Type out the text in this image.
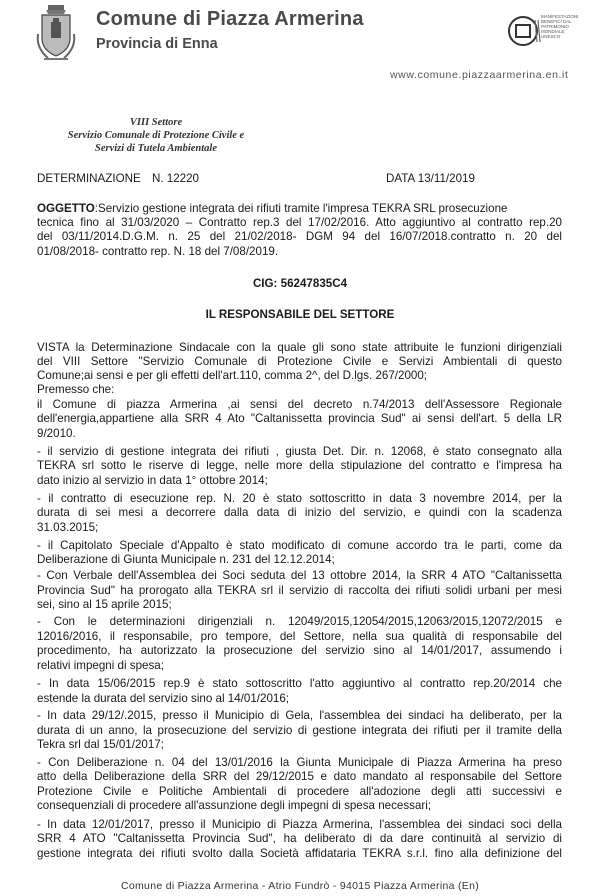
Comune di Piazza Armerina
Provincia di Enna
MANIFESTAZIONI
BENEFICI DAL
PATRIMONIO
MONDIALE
UNESCO
www.comune.piazzaarmerina.en.it
VIII Settore
Servizio Comunale di Protezione Civile e
Servizi di Tutela Ambientale
DETERMINAZIONE N. 12220	DATA 13/11/2019
OGGETTO:Servizio gestione integrata dei rifiuti tramite l'impresa TEKRA SRL prosecuzione
tecnica fino al 31/03/2020 – Contratto rep.3 del 17/02/2016. Atto aggiuntivo al contratto rep.20
del 03/11/2014.D.G.M. n. 25 del 21/02/2018- DGM 94 del 16/07/2018.contratto n. 20 del
01/08/2018- contratto rep. N. 18 del 7/08/2019.
CIG: 56247835C4
IL RESPONSABILE DEL SETTORE
VISTA la Determinazione Sindacale con la quale gli sono state attribuite le funzioni dirigenziali
del VIII Settore "Servizio Comunale di Protezione Civile e Servizi Ambientali di questo
Comune;ai sensi e per gli effetti dell'art.110, comma 2^, del D.lgs. 267/2000;
Premesso che:
il Comune di piazza Armerina ,ai sensi del decreto n.74/2013 dell'Assessore Regionale
dell'energia,appartiene alla SRR 4 Ato "Caltanissetta provincia Sud" ai sensi dell'art. 5 della LR
9/2010.
- il servizio di gestione integrata dei rifiuti , giusta Det. Dir. n. 12068, è stato consegnato alla
TEKRA srl sotto le riserve di legge, nelle more della stipulazione del contratto e l'impresa ha
dato inizio al servizio in data 1° ottobre 2014;
- il contratto di esecuzione rep. N. 20 è stato sottoscritto in data 3 novembre 2014, per la
durata di sei mesi a decorrere dalla data di inizio del servizio, e quindi con la scadenza
31.03.2015;
- il Capitolato Speciale d'Appalto è stato modificato di comune accordo tra le parti, come da
Deliberazione di Giunta Municipale n. 231 del 12.12.2014;
- Con Verbale dell'Assemblea dei Soci seduta del 13 ottobre 2014, la SRR 4 ATO "Caltanissetta
Provincia Sud" ha prorogato alla TEKRA srl il servizio di raccolta dei rifiuti solidi urbani per mesi
sei, sino al 15 aprile 2015;
- Con le determinazioni dirigenziali n. 12049/2015,12054/2015,12063/2015,12072/2015 e
12016/2016, il responsabile, pro tempore, del Settore, nella sua qualità di responsabile del
procedimento, ha autorizzato la prosecuzione del servizio sino al 14/01/2017, assumendo i
relativi impegni di spesa;
- In data 15/06/2015 rep.9 è stato sottoscritto l'atto aggiuntivo al contratto rep.20/2014 che
estende la durata del servizio sino al 14/01/2016;
- In data 29/12/.2015, presso il Municipio di Gela, l'assemblea dei sindaci ha deliberato, per la
durata di un anno, la prosecuzione del servizio di gestione integrata dei rifiuti per il tramite della
Tekra srl dal 15/01/2017;
- Con Deliberazione n. 04 del 13/01/2016 la Giunta Municipale di Piazza Armerina ha preso
atto della Deliberazione della SRR del 29/12/2015 e dato mandato al responsabile del Settore
Protezione Civile e Politiche Ambientali di procedere all'adozione degli atti successivi e
consequenziali di procedere all'assunzione degli impegni di spesa necessari;
- In data 12/01/2017, presso il Municipio di Piazza Armerina, l'assemblea dei sindaci soci della
SRR 4 ATO "Caltanissetta Provincia Sud", ha deliberato di da dare continuità al servizio di
gestione integrata dei rifiuti svolto dalla Società affidataria TEKRA s.r.l. fino alla definizione del
Comune di Piazza Armerina - Atrio Fundrò - 94015 Piazza Armerina (En)
